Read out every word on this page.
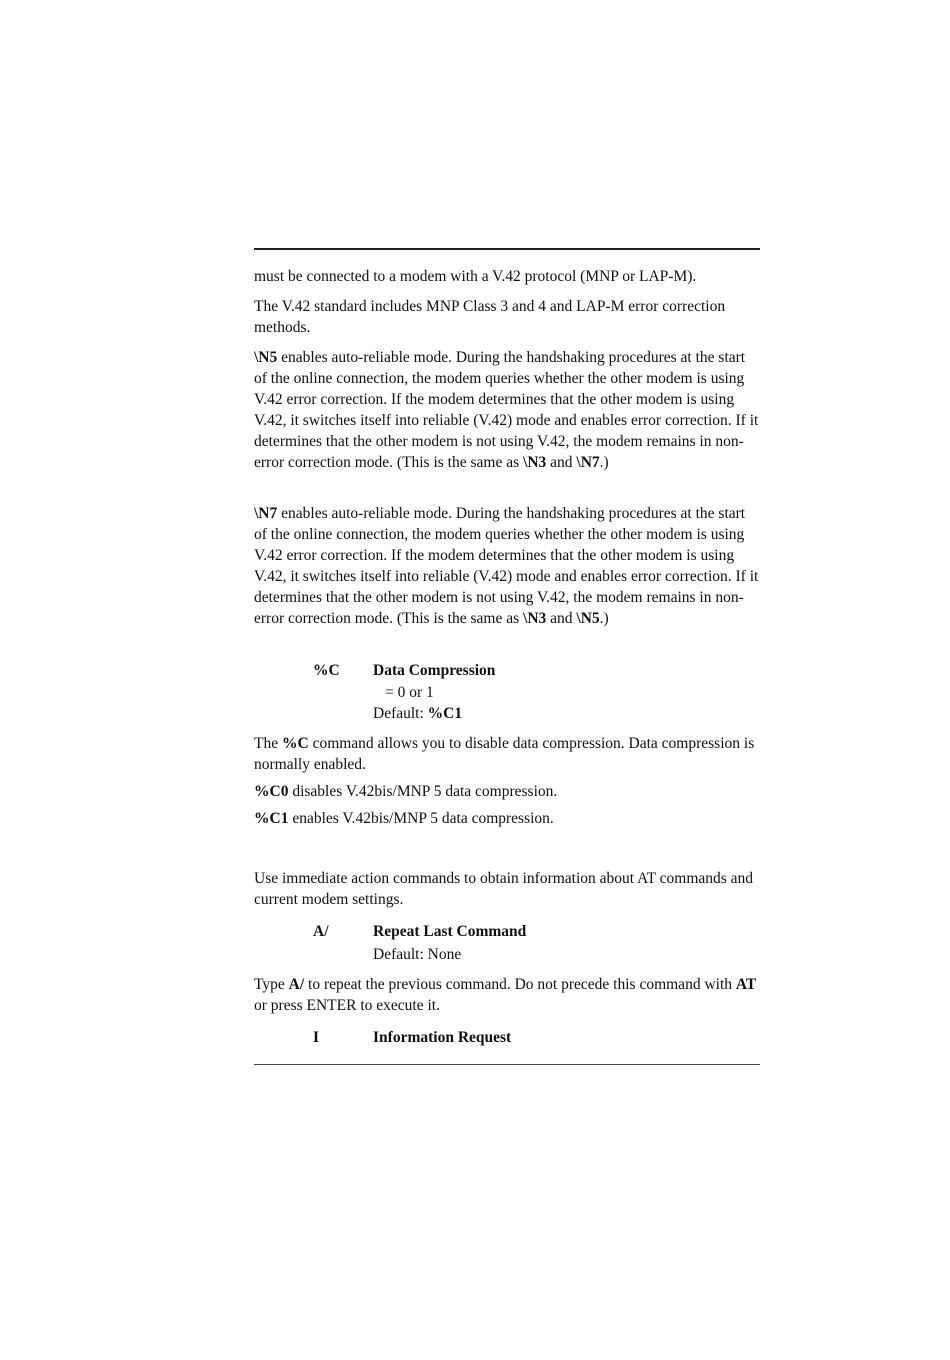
must be connected to a modem with a V.42 protocol (MNP or LAP-M).

The V.42 standard includes MNP Class 3 and 4 and LAP-M error correction methods.

\N5 enables auto-reliable mode. During the handshaking procedures at the start of the online connection, the modem queries whether the other modem is using V.42 error correction. If the modem determines that the other modem is using V.42, it switches itself into reliable (V.42) mode and enables error correction. If it determines that the other modem is not using V.42, the modem remains in non-error correction mode. (This is the same as \N3 and \N7.)

\N7 enables auto-reliable mode. During the handshaking procedures at the start of the online connection, the modem queries whether the other modem is using V.42 error correction. If the modem determines that the other modem is using V.42, it switches itself into reliable (V.42) mode and enables error correction. If it determines that the other modem is not using V.42, the modem remains in non-error correction mode. (This is the same as \N3 and \N5.)

%C Data Compression
= 0 or 1
Default: %C1

The %C command allows you to disable data compression. Data compression is normally enabled.

%C0 disables V.42bis/MNP 5 data compression.

%C1 enables V.42bis/MNP 5 data compression.

Use immediate action commands to obtain information about AT commands and current modem settings.

A/	Repeat Last Command
Default: None

Type A/ to repeat the previous command. Do not precede this command with AT or press ENTER to execute it.

I	Information Request
